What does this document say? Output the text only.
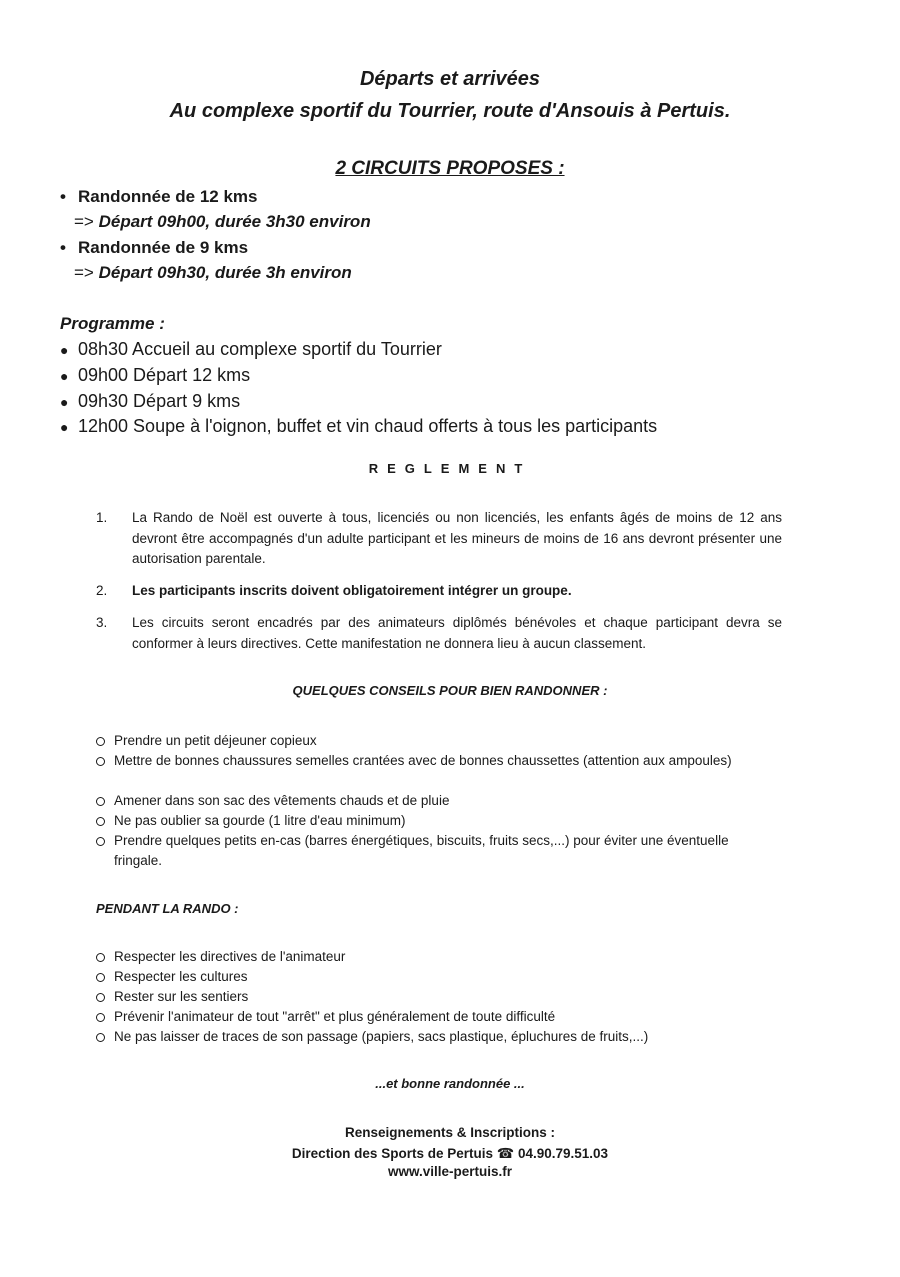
Départs et arrivées
Au complexe sportif du Tourrier, route d'Ansouis à Pertuis.
2 CIRCUITS PROPOSES :
• Randonnée de 12 kms
=> Départ 09h00, durée 3h30 environ
• Randonnée de 9 kms
=> Départ 09h30, durée 3h environ
Programme :
● 08h30 Accueil au complexe sportif du Tourrier
● 09h00 Départ 12 kms
● 09h30 Départ 9 kms
● 12h00 Soupe à l'oignon, buffet et vin chaud offerts à tous les participants
REGLEMENT
1. La Rando de Noël est ouverte à tous, licenciés ou non licenciés, les enfants âgés de moins de 12 ans devront être accompagnés d'un adulte participant et les mineurs de moins de 16 ans devront présenter une autorisation parentale.
2. Les participants inscrits doivent obligatoirement intégrer un groupe.
3. Les circuits seront encadrés par des animateurs diplômés bénévoles et chaque participant devra se conformer à leurs directives. Cette manifestation ne donnera lieu à aucun classement.
QUELQUES CONSEILS POUR BIEN RANDONNER :
Prendre un petit déjeuner copieux
Mettre de bonnes chaussures semelles crantées avec de bonnes chaussettes (attention aux ampoules)
Amener dans son sac des vêtements chauds et de pluie
Ne pas oublier sa gourde (1 litre d'eau minimum)
Prendre quelques petits en-cas (barres énergétiques, biscuits, fruits secs,...) pour éviter une éventuelle fringale.
PENDANT LA RANDO :
Respecter les directives de l'animateur
Respecter les cultures
Rester sur les sentiers
Prévenir l'animateur de tout "arrêt" et plus généralement de toute difficulté
Ne pas laisser de traces de son passage (papiers, sacs plastique, épluchures de fruits,...)
...et bonne randonnée ...
Renseignements & Inscriptions :
Direction des Sports de Pertuis ☎ 04.90.79.51.03
www.ville-pertuis.fr
